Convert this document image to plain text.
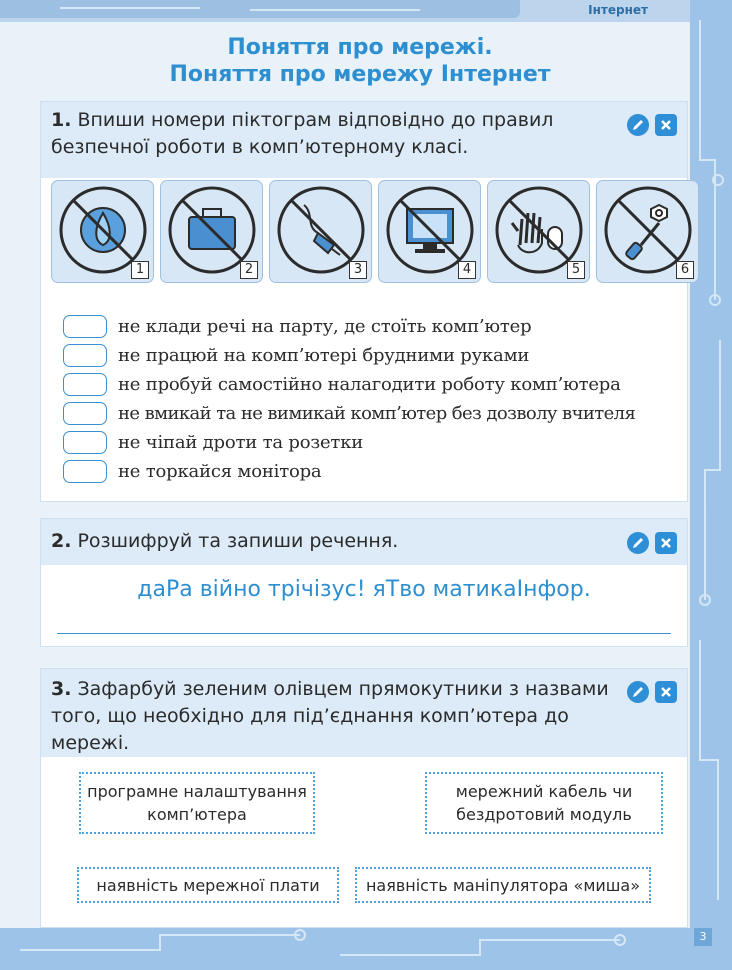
Інтернет
Поняття про мережі.
Поняття про мережу Інтернет
1. Впиши номери піктограм відповідно до правил безпечної роботи в комп’ютерному класі.
1	2	3	4	5	6
не клади речі на парту, де стоїть комп’ютер
не працюй на комп’ютері брудними руками
не пробуй самостійно налагодити роботу комп’ютера
не вмикай та не вимикай комп’ютер без дозволу вчителя
не чіпай дроти та розетки
не торкайся монітора
2. Розшифруй та запиши речення.
даРа війно трічізус! яТво матикаІнфор.
3. Зафарбуй зеленим олівцем прямокутники з назвами того, що необхідно для під’єднання комп’ютера до мережі.
програмне налаштування комп’ютера
мережний кабель чи бездротовий модуль
наявність мережної плати	наявність маніпулятора «миша»
3
